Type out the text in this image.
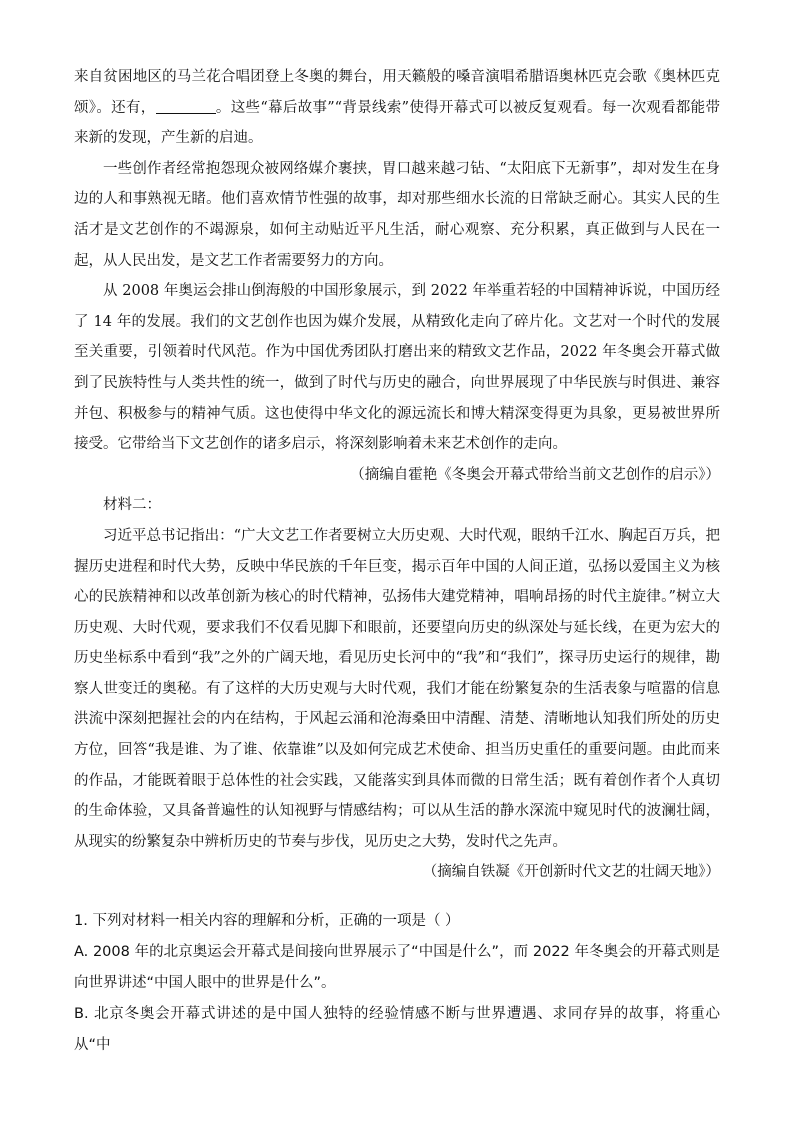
来自贫困地区的马兰花合唱团登上冬奥的舞台，用天籁般的嗓音演唱希腊语奥林匹克会歌《奥林匹克颂》。还有，	。这些“幕后故事”“背景线索”使得开幕式可以被反复观看。每一次观看都能带来新的发现，产生新的启迪。

一些创作者经常抱怨现众被网络媒介裹挟，胃口越来越刁钻、“太阳底下无新事”，却对发生在身边的人和事熟视无睹。他们喜欢情节性强的故事，却对那些细水长流的日常缺乏耐心。其实人民的生活才是文艺创作的不竭源泉，如何主动贴近平凡生活，耐心观察、充分积累，真正做到与人民在一起，从人民出发，是文艺工作者需要努力的方向。

从 2008 年奥运会排山倒海般的中国形象展示，到 2022 年举重若轻的中国精神诉说，中国历经了 14 年的发展。我们的文艺创作也因为媒介发展，从精致化走向了碎片化。文艺对一个时代的发展至关重要，引领着时代风范。作为中国优秀团队打磨出来的精致文艺作品，2022 年冬奥会开幕式做到了民族特性与人类共性的统一，做到了时代与历史的融合，向世界展现了中华民族与时俱进、兼容并包、积极参与的精神气质。这也使得中华文化的源远流长和博大精深变得更为具象，更易被世界所接受。它带给当下文艺创作的诸多启示，将深刻影响着未来艺术创作的走向。

（摘编自霍艳《冬奥会开幕式带给当前文艺创作的启示》）

材料二：

习近平总书记指出：“广大文艺工作者要树立大历史观、大时代观，眼纳千江水、胸起百万兵，把握历史进程和时代大势，反映中华民族的千年巨变，揭示百年中国的人间正道，弘扬以爱国主义为核心的民族精神和以改革创新为核心的时代精神，弘扬伟大建党精神，唱响昂扬的时代主旋律。”树立大历史观、大时代观，要求我们不仅看见脚下和眼前，还要望向历史的纵深处与延长线，在更为宏大的历史坐标系中看到“我”之外的广阔天地，看见历史长河中的“我”和“我们”，探寻历史运行的规律，勘察人世变迁的奥秘。有了这样的大历史观与大时代观，我们才能在纷繁复杂的生活表象与喧嚣的信息洪流中深刻把握社会的内在结构，于风起云涌和沧海桑田中清醒、清楚、清晰地认知我们所处的历史方位，回答“我是谁、为了谁、依靠谁”以及如何完成艺术使命、担当历史重任的重要问题。由此而来的作品，才能既着眼于总体性的社会实践，又能落实到具体而微的日常生活；既有着创作者个人真切的生命体验，又具备普遍性的认知视野与情感结构；可以从生活的静水深流中窥见时代的波澜壮阔，从现实的纷繁复杂中辨析历史的节奏与步伐，见历史之大势，发时代之先声。

（摘编自铁凝《开创新时代文艺的壮阔天地》）

1. 下列对材料一相关内容的理解和分析，正确的一项是（ ）

A. 2008 年的北京奥运会开幕式是间接向世界展示了“中国是什么”，而 2022 年冬奥会的开幕式则是向世界讲述“中国人眼中的世界是什么”。

B. 北京冬奥会开幕式讲述的是中国人独特的经验情感不断与世界遭遇、求同存异的故事，将重心从“中
